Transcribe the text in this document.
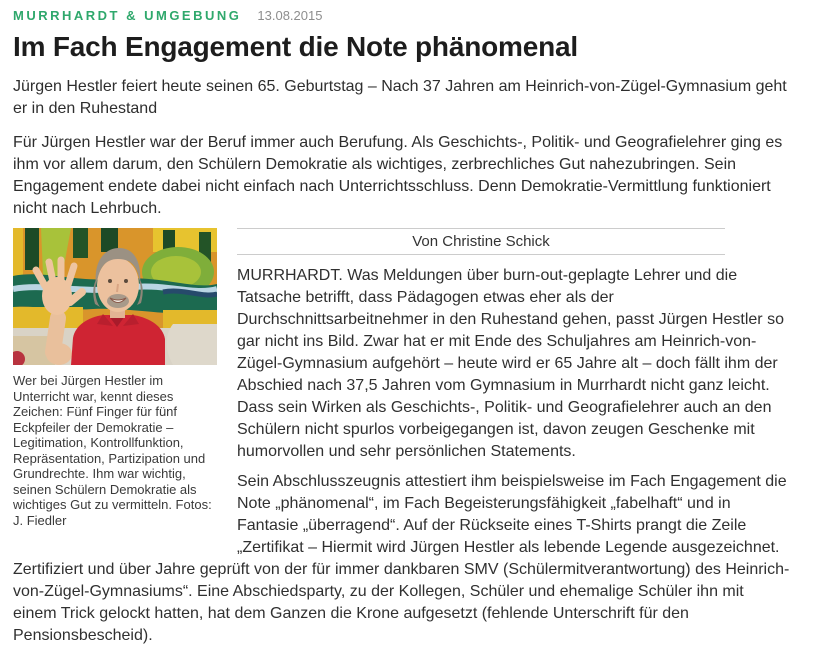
MURRHARDT & UMGEBUNG 13.08.2015
Im Fach Engagement die Note phänomenal

Jürgen Hestler feiert heute seinen 65. Geburtstag – Nach 37 Jahren am Heinrich-von-Zügel-Gymnasium geht er in den Ruhestand

Für Jürgen Hestler war der Beruf immer auch Berufung. Als Geschichts-, Politik- und Geografielehrer ging es ihm vor allem darum, den Schülern Demokratie als wichtiges, zerbrechliches Gut nahezubringen. Sein Engagement endete dabei nicht einfach nach Unterrichtsschluss. Denn Demokratie-Vermittlung funktioniert nicht nach Lehrbuch.

Wer bei Jürgen Hestler im Unterricht war, kennt dieses Zeichen: Fünf Finger für fünf Eckpfeiler der Demokratie – Legitimation, Kontrollfunktion, Repräsentation, Partizipation und Grundrechte. Ihm war wichtig, seinen Schülern Demokratie als wichtiges Gut zu vermitteln. Fotos: J. Fiedler
Von Christine Schick

MURRHARDT. Was Meldungen über burn-out-geplagte Lehrer und die Tatsache betrifft, dass Pädagogen etwas eher als der Durchschnittsarbeitnehmer in den Ruhestand gehen, passt Jürgen Hestler so gar nicht ins Bild. Zwar hat er mit Ende des Schuljahres am Heinrich-von-Zügel-Gymnasium aufgehört – heute wird er 65 Jahre alt – doch fällt ihm der Abschied nach 37,5 Jahren vom Gymnasium in Murrhardt nicht ganz leicht. Dass sein Wirken als Geschichts-, Politik- und Geografielehrer auch an den Schülern nicht spurlos vorbeigegangen ist, davon zeugen Geschenke mit humorvollen und sehr persönlichen Statements.

Sein Abschlusszeugnis attestiert ihm beispielsweise im Fach Engagement die Note „phänomenal“, im Fach Begeisterungsfähigkeit „fabelhaft“ und in Fantasie „überragend“. Auf der Rückseite eines T-Shirts prangt die Zeile „Zertifikat – Hiermit wird Jürgen Hestler als lebende Legende ausgezeichnet. Zertifiziert und über Jahre geprüft von der für immer dankbaren SMV (Schülermitverantwortung) des Heinrich-von-Zügel-Gymnasiums“. Eine Abschiedsparty, zu der Kollegen, Schüler und ehemalige Schüler ihn mit einem Trick gelockt hatten, hat dem Ganzen die Krone aufgesetzt (fehlende Unterschrift für den Pensionsbescheid).
